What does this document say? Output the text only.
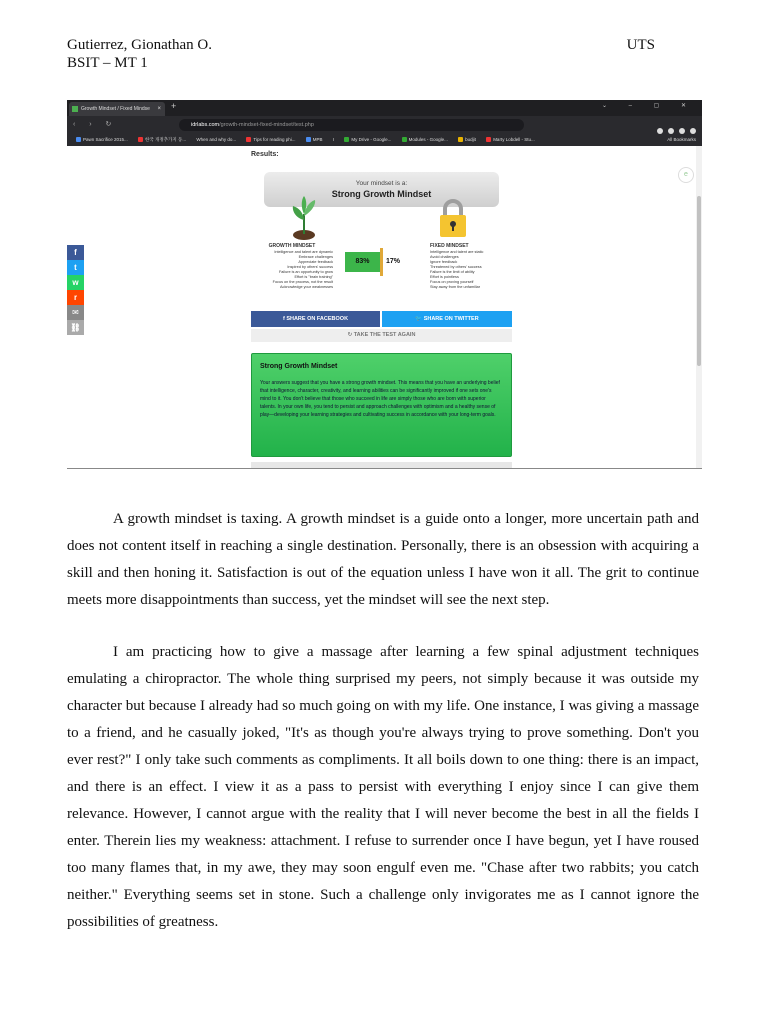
Gutierrez, Gionathan O.
BSIT – MT 1
UTS
Growth Mindset / Fixed Mindse × +	⌄ – ▢ ✕
‹ › ↻	idrlabs.com/growth-mindset-fixed-mindset/test.php
Pawn Sacrifice 2015...	한국 개정추가지 동... When and why do...	Tips for reading phi...	MPB I	My Drive - Google...	Modules - Google...	budjit	Marty Lobdell - Stu...	All Bookmarks
Results:
e
f
t
w
r
✉
⛓
Your mindset is a:
Strong Growth Mindset
GROWTH MINDSET
Intelligence and talent are dynamic
Embrace challenges
Appreciate feedback
Inspired by others' success
Failure is an opportunity to grow
Effort is "brain training"
Focus on the process, not the result
Acknowledge your weaknesses
83%	17%
FIXED MINDSET
Intelligence and talent are static
Avoid challenges
Ignore feedback
Threatened by others' success
Failure is the limit of ability
Effort is pointless
Focus on proving yourself
Stay away from the unfamiliar
f SHARE ON FACEBOOK	🐦 SHARE ON TWITTER
↻ TAKE THE TEST AGAIN
Strong Growth Mindset
Your answers suggest that you have a strong growth mindset. This means that you have an underlying belief that intelligence, character, creativity, and learning abilities can be significantly improved if one sets one's mind to it. You don't believe that those who succeed in life are simply those who are born with superior talents. In your own life, you tend to persist and approach challenges with optimism and a healthy sense of play—developing your learning strategies and cultivating success in accordance with your long-term goals.

A growth mindset is taxing. A growth mindset is a guide onto a longer, more uncertain path and does not content itself in reaching a single destination. Personally, there is an obsession with acquiring a skill and then honing it. Satisfaction is out of the equation unless I have won it all. The grit to continue meets more disappointments than success, yet the mindset will see the next step.

I am practicing how to give a massage after learning a few spinal adjustment techniques emulating a chiropractor. The whole thing surprised my peers, not simply because it was outside my character but because I already had so much going on with my life. One instance, I was giving a massage to a friend, and he casually joked, "It's as though you're always trying to prove something. Don't you ever rest?" I only take such comments as compliments. It all boils down to one thing: there is an impact, and there is an effect. I view it as a pass to persist with everything I enjoy since I can give them relevance. However, I cannot argue with the reality that I will never become the best in all the fields I enter. Therein lies my weakness: attachment. I refuse to surrender once I have begun, yet I have roused too many flames that, in my awe, they may soon engulf even me. "Chase after two rabbits; you catch neither." Everything seems set in stone. Such a challenge only invigorates me as I cannot ignore the possibilities of greatness.
